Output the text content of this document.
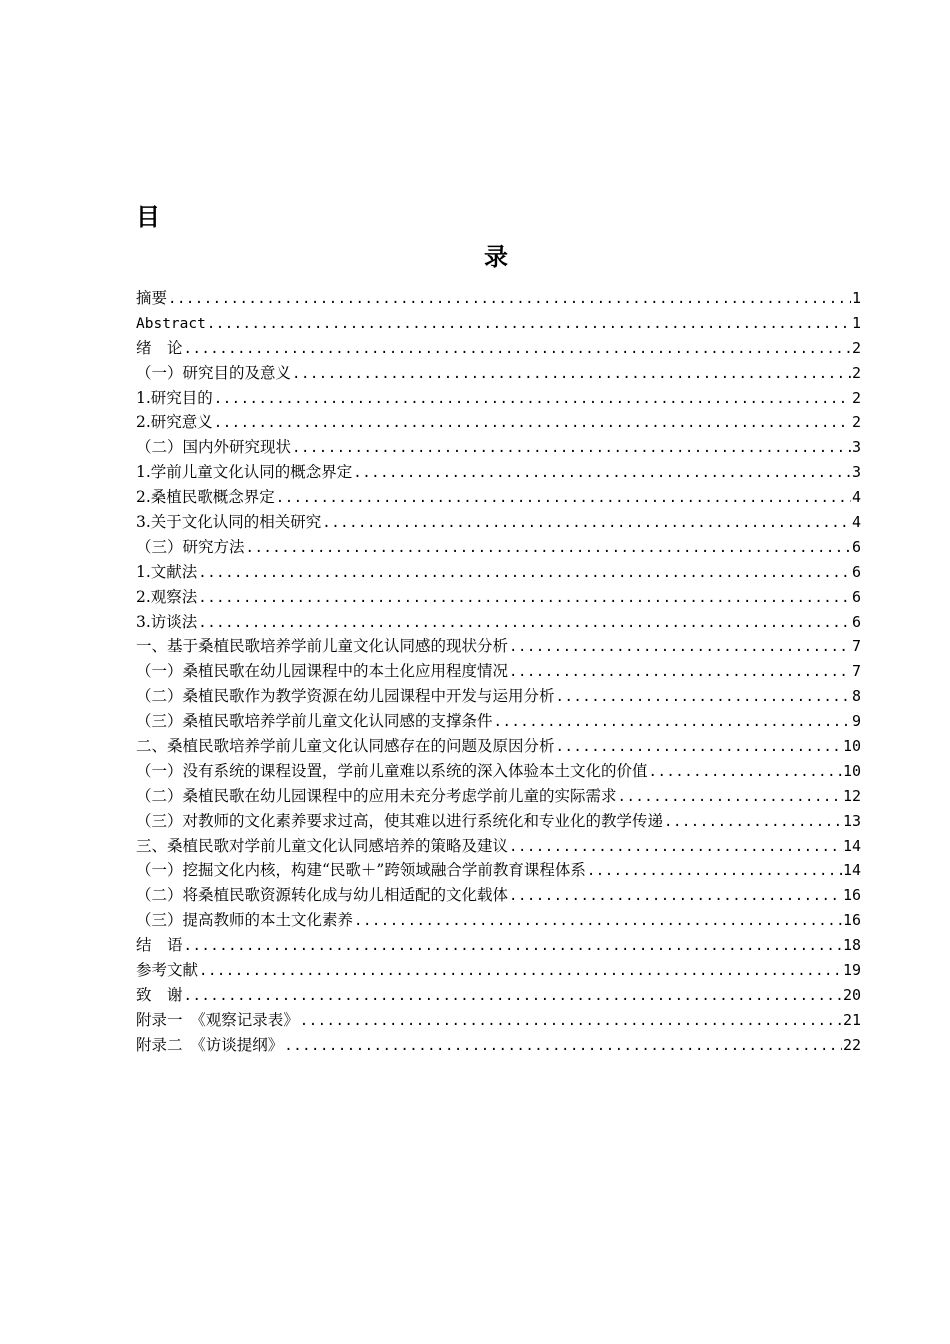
目
录
摘要 .....	1
Abstract .....	1
绪　论 .....	2
（一）研究目的及意义 .....	2
1.研究目的 .....	2
2.研究意义 .....	2
（二）国内外研究现状 .....	3
1.学前儿童文化认同的概念界定 .....	3
2.桑植民歌概念界定 .....	4
3.关于文化认同的相关研究 .....	4
（三）研究方法 .....	6
1.文献法 .....	6
2.观察法 .....	6
3.访谈法 .....	6
一、基于桑植民歌培养学前儿童文化认同感的现状分析 .....	7
（一）桑植民歌在幼儿园课程中的本土化应用程度情况 .....	7
（二）桑植民歌作为教学资源在幼儿园课程中开发与运用分析 .....	8
（三）桑植民歌培养学前儿童文化认同感的支撑条件 .....	9
二、桑植民歌培养学前儿童文化认同感存在的问题及原因分析 .....	10
（一）没有系统的课程设置，学前儿童难以系统的深入体验本土文化的价值 .....	10
（二）桑植民歌在幼儿园课程中的应用未充分考虑学前儿童的实际需求 .....	12
（三）对教师的文化素养要求过高，使其难以进行系统化和专业化的教学传递 .....	13
三、桑植民歌对学前儿童文化认同感培养的策略及建议 .....	14
（一）挖掘文化内核，构建“民歌＋”跨领域融合学前教育课程体系 .....	14
（二）将桑植民歌资源转化成与幼儿相适配的文化载体 .....	16
（三）提高教师的本土文化素养 .....	16
结　语 .....	18
参考文献 .....	19
致　谢 .....	20
附录一　《观察记录表》 .....	21
附录二　《访谈提纲》 .....	22
